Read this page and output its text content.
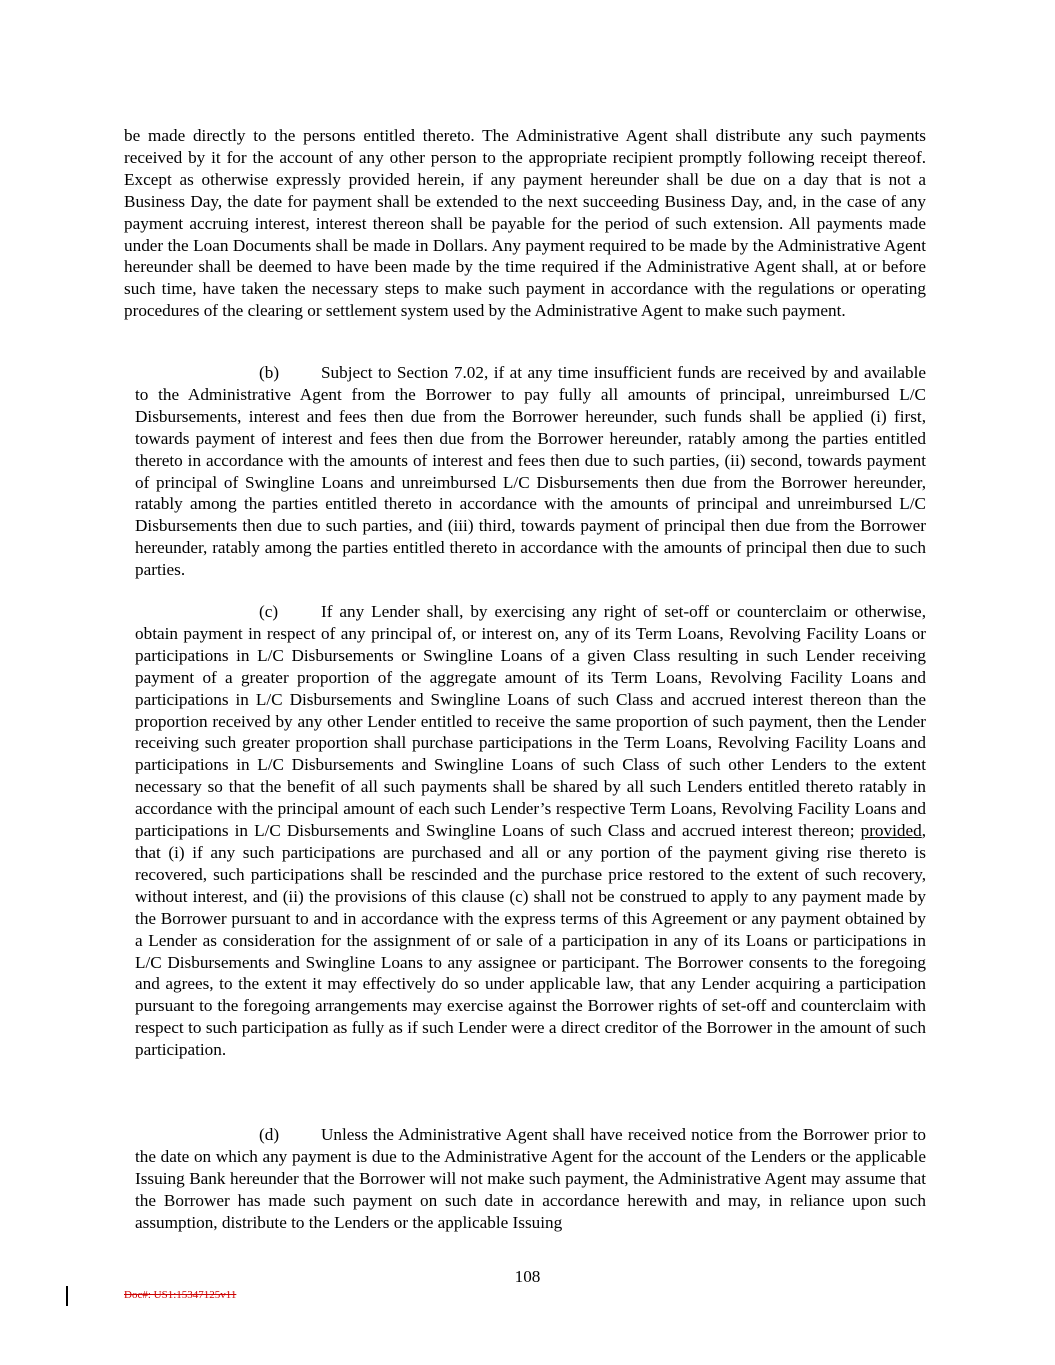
be made directly to the persons entitled thereto. The Administrative Agent shall distribute any such payments received by it for the account of any other person to the appropriate recipient promptly following receipt thereof. Except as otherwise expressly provided herein, if any payment hereunder shall be due on a day that is not a Business Day, the date for payment shall be extended to the next succeeding Business Day, and, in the case of any payment accruing interest, interest thereon shall be payable for the period of such extension. All payments made under the Loan Documents shall be made in Dollars. Any payment required to be made by the Administrative Agent hereunder shall be deemed to have been made by the time required if the Administrative Agent shall, at or before such time, have taken the necessary steps to make such payment in accordance with the regulations or operating procedures of the clearing or settlement system used by the Administrative Agent to make such payment.

(b) Subject to Section 7.02, if at any time insufficient funds are received by and available to the Administrative Agent from the Borrower to pay fully all amounts of principal, unreimbursed L/C Disbursements, interest and fees then due from the Borrower hereunder, such funds shall be applied (i) first, towards payment of interest and fees then due from the Borrower hereunder, ratably among the parties entitled thereto in accordance with the amounts of interest and fees then due to such parties, (ii) second, towards payment of principal of Swingline Loans and unreimbursed L/C Disbursements then due from the Borrower hereunder, ratably among the parties entitled thereto in accordance with the amounts of principal and unreimbursed L/C Disbursements then due to such parties, and (iii) third, towards payment of principal then due from the Borrower hereunder, ratably among the parties entitled thereto in accordance with the amounts of principal then due to such parties.

(c) If any Lender shall, by exercising any right of set-off or counterclaim or otherwise, obtain payment in respect of any principal of, or interest on, any of its Term Loans, Revolving Facility Loans or participations in L/C Disbursements or Swingline Loans of a given Class resulting in such Lender receiving payment of a greater proportion of the aggregate amount of its Term Loans, Revolving Facility Loans and participations in L/C Disbursements and Swingline Loans of such Class and accrued interest thereon than the proportion received by any other Lender entitled to receive the same proportion of such payment, then the Lender receiving such greater proportion shall purchase participations in the Term Loans, Revolving Facility Loans and participations in L/C Disbursements and Swingline Loans of such Class of such other Lenders to the extent necessary so that the benefit of all such payments shall be shared by all such Lenders entitled thereto ratably in accordance with the principal amount of each such Lender’s respective Term Loans, Revolving Facility Loans and participations in L/C Disbursements and Swingline Loans of such Class and accrued interest thereon; provided, that (i) if any such participations are purchased and all or any portion of the payment giving rise thereto is recovered, such participations shall be rescinded and the purchase price restored to the extent of such recovery, without interest, and (ii) the provisions of this clause (c) shall not be construed to apply to any payment made by the Borrower pursuant to and in accordance with the express terms of this Agreement or any payment obtained by a Lender as consideration for the assignment of or sale of a participation in any of its Loans or participations in L/C Disbursements and Swingline Loans to any assignee or participant. The Borrower consents to the foregoing and agrees, to the extent it may effectively do so under applicable law, that any Lender acquiring a participation pursuant to the foregoing arrangements may exercise against the Borrower rights of set-off and counterclaim with respect to such participation as fully as if such Lender were a direct creditor of the Borrower in the amount of such participation.

(d) Unless the Administrative Agent shall have received notice from the Borrower prior to the date on which any payment is due to the Administrative Agent for the account of the Lenders or the applicable Issuing Bank hereunder that the Borrower will not make such payment, the Administrative Agent may assume that the Borrower has made such payment on such date in accordance herewith and may, in reliance upon such assumption, distribute to the Lenders or the applicable Issuing

108
Doc#: US1:15347125v11
